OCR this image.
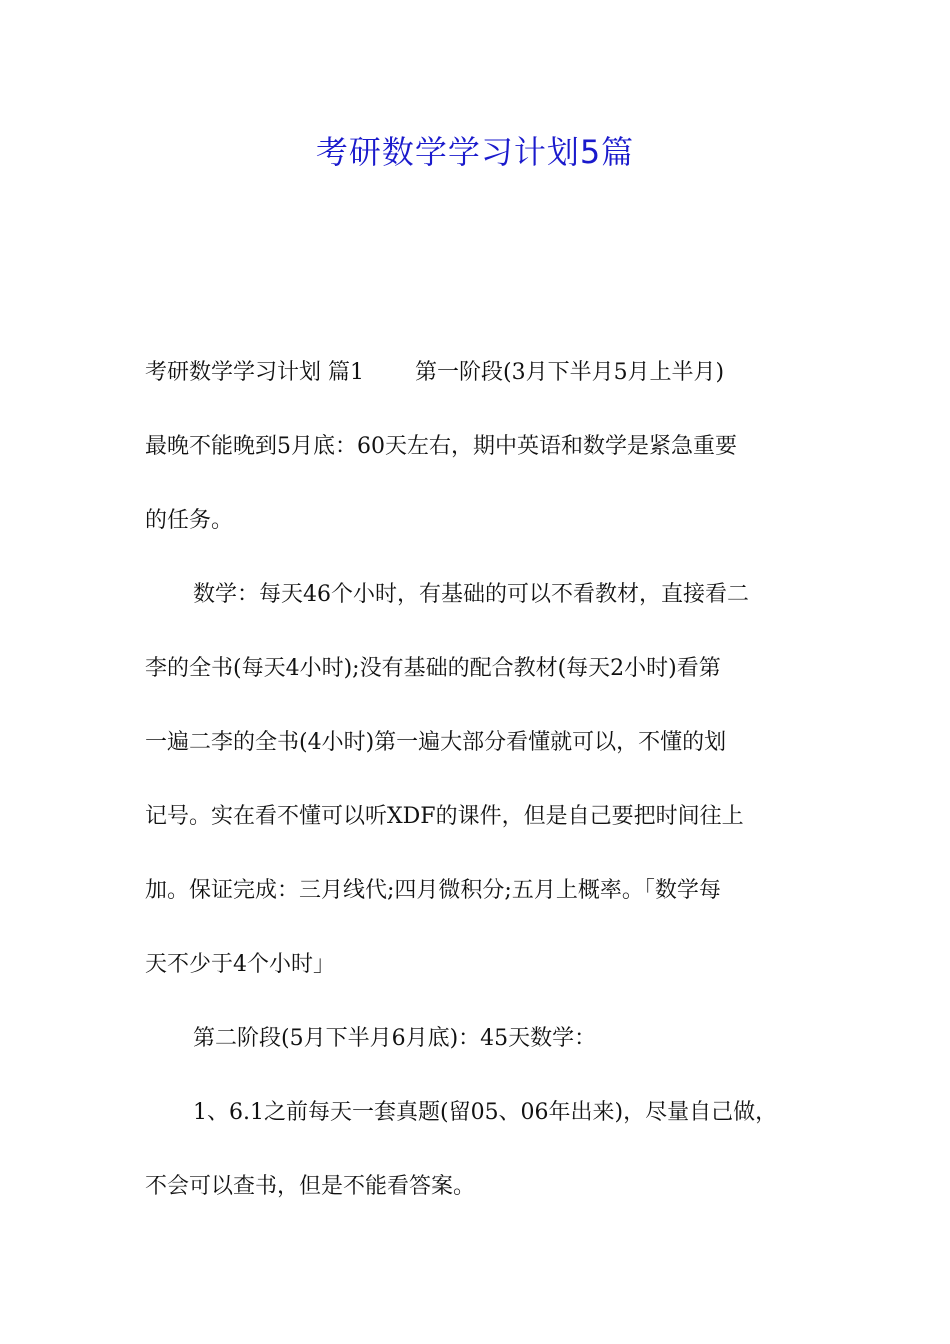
考研数学学习计划5篇
考研数学学习计划 篇1　　 第一阶段(3月下半月5月上半月)
最晚不能晚到5月底：60天左右，期中英语和数学是紧急重要
的任务。
数学：每天46个小时，有基础的可以不看教材，直接看二
李的全书(每天4小时);没有基础的配合教材(每天2小时)看第
一遍二李的全书(4小时)第一遍大部分看懂就可以，不懂的划
记号。实在看不懂可以听XDF的课件，但是自己要把时间往上
加。保证完成：三月线代;四月微积分;五月上概率。「数学每
天不少于4个小时」
第二阶段(5月下半月6月底)：45天数学：
1、6.1之前每天一套真题(留05、06年出来)，尽量自己做，
不会可以查书，但是不能看答案。
